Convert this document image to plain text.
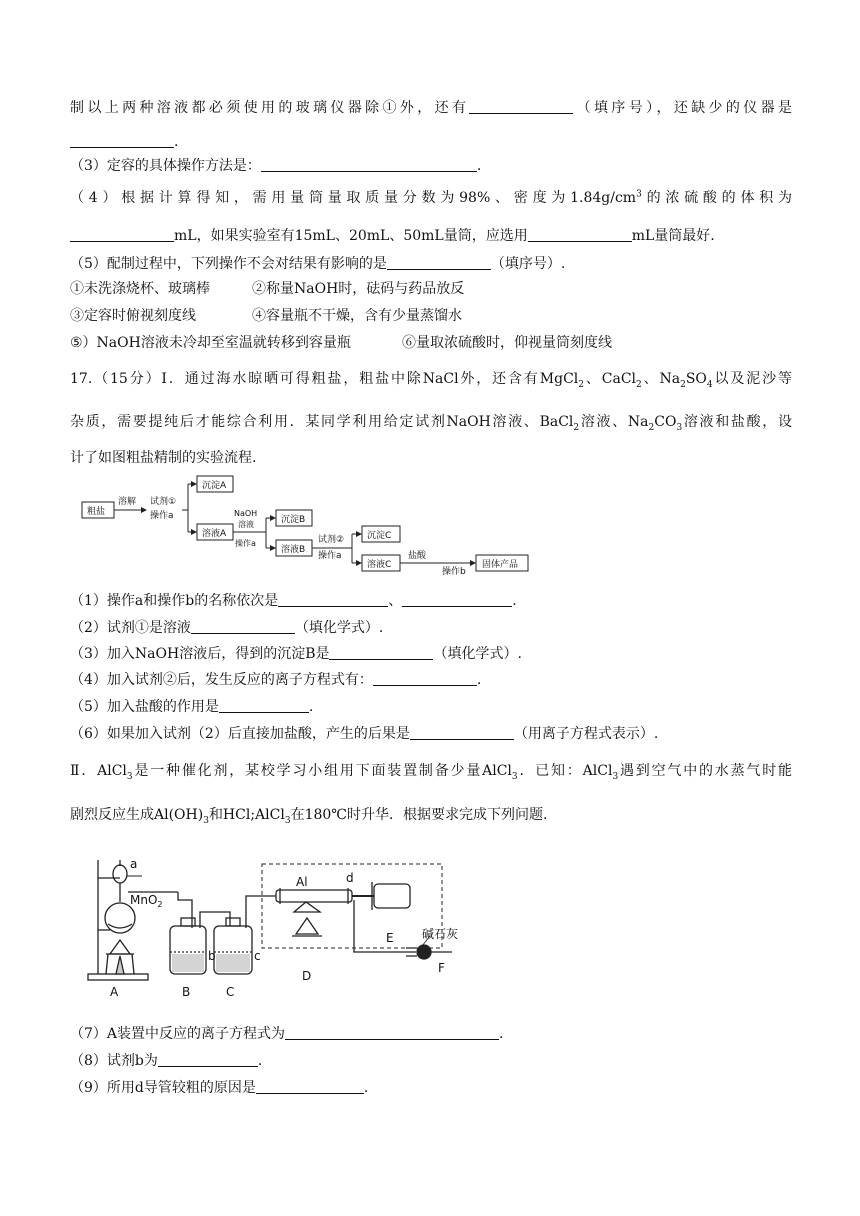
制以上两种溶液都必须使用的玻璃仪器除①外，还有	（填序号），还缺少的仪器是
.
（3）定容的具体操作方法是：	.
（4）根据计算得知，需用量筒量取质量分数为98%、密度为$1.84g/cm^3$的浓硫酸的体积为
mL，如果实验室有15mL、20mL、50mL量筒，应选用	mL量筒最好.
（5）配制过程中，下列操作不会对结果有影响的是	（填序号）.
①未洗涤烧杯、玻璃棒	②称量NaOH时，砝码与药品放反
③定容时俯视刻度线	④容量瓶不干燥，含有少量蒸馏水
⑤）NaOH溶液未冷却至室温就转移到容量瓶	⑥量取浓硫酸时，仰视量筒刻度线
17.（15分）Ⅰ．通过海水晾晒可得粗盐，粗盐中除NaCl外，还含有MgCl$_2$、CaCl$_2$、$Na_2SO_4$以及泥沙等
杂质，需要提纯后才能综合利用．某同学利用给定试剂NaOH溶液、BaCl$_2$溶液、$Na_2CO_3$溶液和盐酸，设
计了如图粗盐精制的实验流程.
粗盐
溶解 试剂①
操作a
沉淀A
溶液A
NaOH
溶液
操作a
沉淀B
溶液B
试剂②
操作a
沉淀C
溶液C
盐酸
操作b
固体产品
（1）操作a和操作b的名称依次是	、	.
（2）试剂①是溶液	（填化学式）.
（3）加入NaOH溶液后，得到的沉淀B是	（填化学式）.
（4）加入试剂②后，发生反应的离子方程式有：	.
（5）加入盐酸的作用是	.
（6）如果加入试剂（2）后直接加盐酸，产生的后果是	（用离子方程式表示）.
Ⅱ．AlCl$_3$是一种催化剂，某校学习小组用下面装置制备少量AlCl$_3$．已知：AlCl$_3$遇到空气中的水蒸气时能
剧烈反应生成$Al(OH)_3$和HCl;AlCl$_3$在180℃时升华．根据要求完成下列问题.
a
MnO$_2$
b	c
Al	d
E 碱石灰
A	B	C
D
F
（7）A装置中反应的离子方程式为	.
（8）试剂b为	.
（9）所用d导管较粗的原因是	.
